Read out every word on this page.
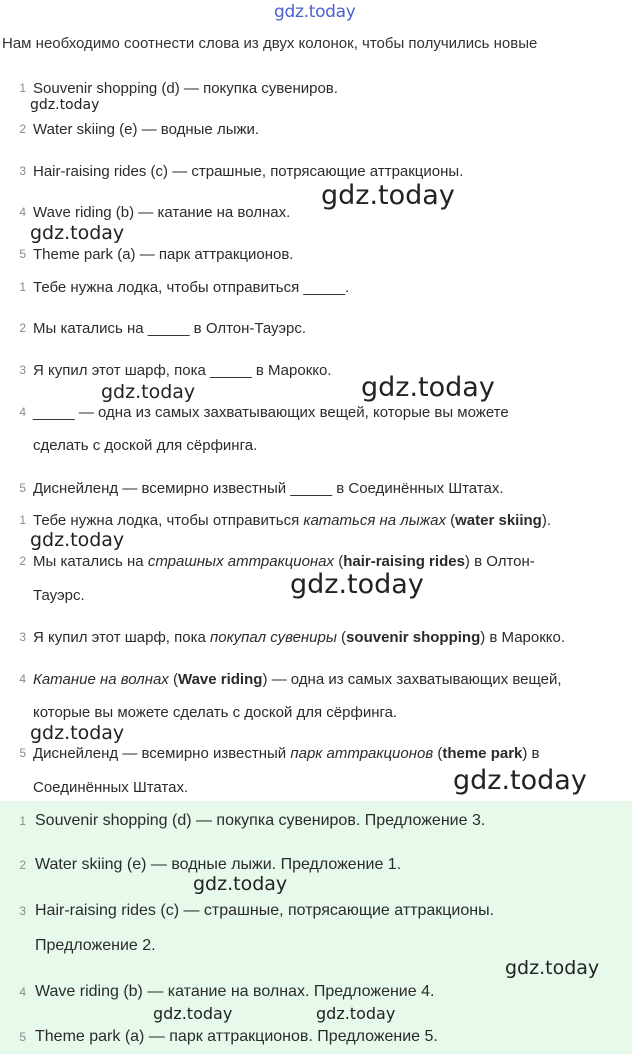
gdz.today
Нам необходимо соотнести слова из двух колонок, чтобы получились новые
1 Souvenir shopping (d) — покупка сувениров.
2 Water skiing (e) — водные лыжи.
3 Hair-raising rides (c) — страшные, потрясающие аттракционы.
4 Wave riding (b) — катание на волнах.
5 Theme park (a) — парк аттракционов.
1 Тебе нужна лодка, чтобы отправиться _____.
2 Мы катались на _____ в Олтон-Тауэрс.
3 Я купил этот шарф, пока _____ в Марокко.
4 _____ — одна из самых захватывающих вещей, которые вы можете
сделать с доской для сёрфинга.
5 Диснейленд — всемирно известный _____ в Соединённых Штатах.
1 Тебе нужна лодка, чтобы отправиться кататься на лыжах (water skiing).
2 Мы катались на страшных аттракционах (hair-raising rides) в Олтон-
Тауэрс.
3 Я купил этот шарф, пока покупал сувениры (souvenir shopping) в Марокко.
4 Катание на волнах (Wave riding) — одна из самых захватывающих вещей,
которые вы можете сделать с доской для сёрфинга.
5 Диснейленд — всемирно известный парк аттракционов (theme park) в
Соединённых Штатах.
1 Souvenir shopping (d) — покупка сувениров. Предложение 3.
2 Water skiing (e) — водные лыжи. Предложение 1.
3 Hair-raising rides (c) — страшные, потрясающие аттракционы.
Предложение 2.
4 Wave riding (b) — катание на волнах. Предложение 4.
5 Theme park (a) — парк аттракционов. Предложение 5.
gdz.today
gdz.today
gdz.today
gdz.today	gdz.today
gdz.today
gdz.today
gdz.today
gdz.today
gdz.today
gdz.today
gdz.today	gdz.today
